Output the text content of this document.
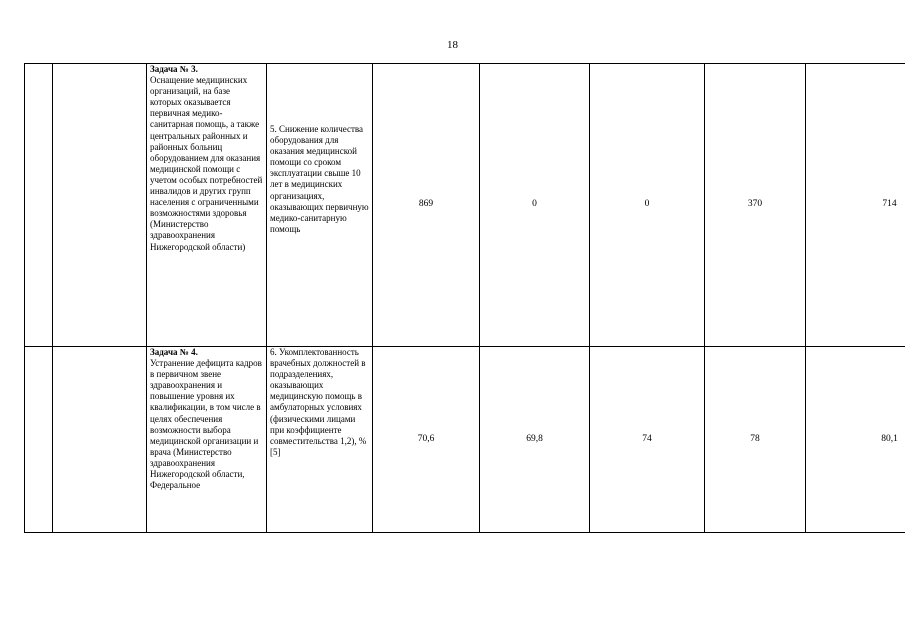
18

		Задача № 3.
Оснащение медицинских организаций, на базе которых оказывается первичная медико-санитарная помощь, а также центральных районных и районных больниц оборудованием для оказания медицинской помощи с учетом особых потребностей инвалидов и других групп населения с ограниченными возможностями здоровья (Министерство здравоохранения Нижегородской области)	5. Снижение количества оборудования для оказания медицинской помощи со сроком эксплуатации свыше 10 лет в медицинских организациях, оказывающих первичную медико-санитарную помощь	869	0	0	370	714

		Задача № 4.
Устранение дефицита кадров в первичном звене здравоохранения и повышение уровня их квалификации, в том числе в целях обеспечения возможности выбора медицинской организации и врача (Министерство здравоохранения Нижегородской области, Федеральное	6. Укомплектованность врачебных должностей в подразделениях, оказывающих медицинскую помощь в амбулаторных условиях (физическими лицами при коэффициенте совместительства 1,2), % [5]	70,6	69,8	74	78	80,1
